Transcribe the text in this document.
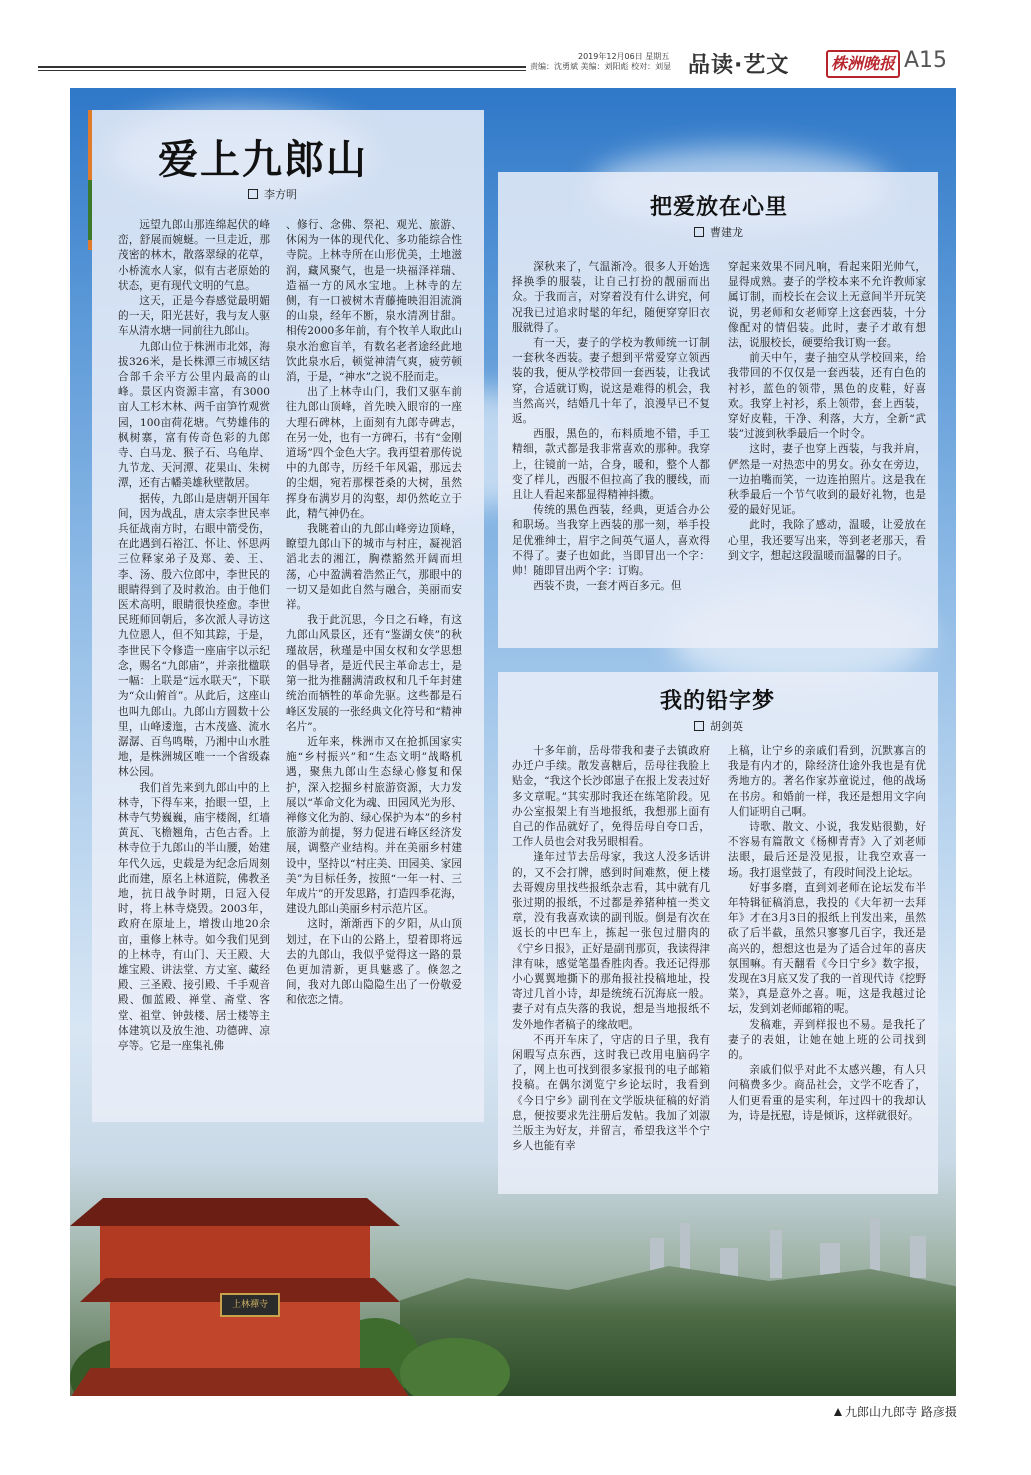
2019年12月06日 星期五
责编：沈勇斌 美编：刘阳彪 校对：刘显 品读·艺文	株洲晚报 A15
上林禪寺
爱上九郎山
李方明

远望九郎山那连绵起伏的峰峦，舒展而婉蜒。一旦走近，那茂密的林木，散落翠绿的花草，小桥流水人家，似有古老原始的状态，更有现代文明的气息。

这天，正是今春感觉最明媚的一天，阳光甚好，我与友人驱车从清水塘一同前往九郎山。

九郎山位于株洲市北郊，海拔326米，是长株潭三市城区结合部千余平方公里内最高的山峰。景区内资源丰富，有3000亩人工杉木林、两千亩笋竹观赏园，100亩荷花塘。气势雄伟的枫树寨，富有传奇色彩的九郎寺、白马龙、猴子石、乌龟岸、九节龙、天河潭、花果山、朱树潭，还有古幡美雄秋壁散居。

据传，九郎山是唐朝开国年间，因为战乱，唐太宗李世民率兵征战南方时，右眼中箭受伤，在此遇到石裕江、怀让、怀思两三位释家弟子及郑、姜、王、李、汤、殷六位郎中，李世民的眼睛得到了及时救治。由于他们医术高明，眼睛很快痊愈。李世民班师回朝后，多次派人寻访这九位恩人，但不知其踪，于是，李世民下令修造一座庙宇以示纪念，赐名“九郎庙”，并亲批楹联一幅：上联是“远水联天”，下联为“众山俯首”。从此后，这座山也叫九郎山。九郎山方圆数十公里，山峰逶迤，古木茂盛、流水潺潺、百鸟鸣啭，乃湘中山水胜地，是株洲城区唯一一个省级森林公园。

我们首先来到九郎山中的上林寺，下得车来，抬眼一望，上林寺气势巍巍，庙宇楼阁，红墙黄瓦、飞檐翘角，古色古香。上林寺位于九郎山的半山腰，始建年代久远，史载是为纪念后周刻此而建，原名上林道院，佛教圣地，抗日战争时期，日冠入侵时，将上林寺烧毁。2003年，政府在原址上，增拨山地20余亩，重修上林寺。如今我们见到的上林寺，有山门、天王殿、大雄宝殿、讲法堂、方丈室、藏经殿、三圣殿、接引殿、千手观音殿、伽蓝殿、禅堂、斋堂、客堂、祖堂、钟鼓楼、居士楼等主体建筑以及放生池、功德碑、凉亭等。它是一座集礼佛

、修行、念佛、祭祀、观光、旅游、休闲为一体的现代化、多功能综合性寺院。上林寺所在山形优美，土地滋润，藏风聚气，也是一块福泽祥瑞、造福一方的风水宝地。上林寺的左侧，有一口被树木青藤掩映泪泪流淌的山泉，经年不断，泉水清冽甘甜。相传2000多年前，有个牧羊人取此山泉水治愈盲羊，有数名老者途经此地饮此泉水后，顿觉神清气爽，疲劳顿消，于是，“神水”之说不胫而走。

出了上林寺山门，我们又驱车前往九郎山顶峰，首先映入眼帘的一座大理石碑林，上面刻有九郎寺碑志，在另一处，也有一方碑石，书有“金刚道场”四个金色大字。我再望着那传说中的九郎寺，历经千年风霜，那远去的尘烟，宛若那棵苍桑的大树，虽然挥身布满岁月的沟壑，却仍然屹立于此，精气神仍在。

我眺着山的九郎山峰旁边顶峰，瞭望九郎山下的城市与村庄，凝视滔滔北去的湘江，胸襟豁然开阔而坦荡，心中盈满着浩然正气，那眼中的一切又是如此自然与融合，美丽而安祥。

我于此沉思，今日之石峰，有这九郎山风景区，还有“鉴湖女侠”的秋瑾故居，秋瑾是中国女权和女学思想的倡导者，是近代民主革命志士，是第一批为推翻满清政权和几千年封建统治而牺牲的革命先驱。这些都是石峰区发展的一张经典文化符号和“精神名片”。

近年来，株洲市又在抢抓国家实施“乡村振兴”和“生态文明”战略机遇，聚焦九郎山生态绿心修复和保护，深入挖掘乡村旅游资源，大力发展以“革命文化为魂、田园风光为形、禅修文化为韵、绿心保护为本”的乡村旅游为前提，努力促进石峰区经济发展，调整产业结构。并在美丽乡村建设中，坚持以“村庄美、田园美、家园美”为目标任务，按照“一年一村、三年成片”的开发思路，打造四季花海，建设九郎山美丽乡村示范片区。

这时，渐渐西下的夕阳，从山顶划过，在下山的公路上，望着即将远去的九郎山，我似乎觉得这一路的景色更加清新，更具魅惑了。倏忽之间，我对九郎山隐隐生出了一份敬爱和依恋之情。

把爱放在心里
曹建龙

深秋来了，气温渐冷。很多人开始选择换季的服装，让自己打扮的靓丽而出众。于我而言，对穿着没有什么讲究，何况我已过追求时髦的年纪，随便穿穿旧衣服就得了。

有一天，妻子的学校为教师统一订制一套秋冬西装。妻子想到平常爱穿立领西装的我，便从学校带回一套西装，让我试穿，合适就订购，说这是难得的机会，我当然高兴，结婚几十年了，浪漫早已不复返。

西服，黑色的，布料质地不错，手工精细，款式都是我非常喜欢的那种。我穿上，往镜前一站，合身，暖和，整个人都变了样儿，西服不但拉高了我的腰线，而且让人看起来都显得精神抖擞。

传统的黑色西装，经典，更适合办公和职场。当我穿上西装的那一刻，举手投足优雅绅士，眉宇之间英气逼人，喜欢得不得了。妻子也如此，当即冒出一个字：帅！随即冒出两个字：订购。

西装不贵，一套才两百多元。但

穿起来效果不同凡响，看起来阳光帅气，显得成熟。妻子的学校本来不允许教师家属订制，而校长在会议上无意间半开玩笑说，男老师和女老师穿上这套西装，十分像配对的情侣装。此时，妻子才敢有想法，说服校长，硬要给我订购一套。

前天中午，妻子抽空从学校回来，给我带回的不仅仅是一套西装，还有白色的衬衫，蓝色的领带，黑色的皮鞋，好喜欢。我穿上衬衫，系上领带，套上西装，穿好皮鞋，干净、利落，大方，全新“武装”过渡到秋季最后一个时令。

这时，妻子也穿上西装，与我并肩，俨然是一对热恋中的男女。孙女在旁边，一边拍嘴而笑，一边连拍照片。这是我在秋季最后一个节气收到的最好礼物，也是爱的最好见证。

此时，我除了感动，温暖，让爱放在心里，我还要写出来，等到老老那天，看到文字，想起这段温暖而温馨的日子。

我的铅字梦
胡剑英

十多年前，岳母带我和妻子去镇政府办迁户手续。散发喜糖后，岳母往我脸上贴金，“我这个长沙郎崽子在报上发表过好多文章呢。”其实那时我还在练笔阶段。见办公室报架上有当地报纸，我想那上面有自己的作品就好了，免得岳母自夸口舌，工作人员也会对我另眼相看。

逢年过节去岳母家，我这人没多话讲的，又不会打牌，感到时间难熬，便上楼去哥嫂房里找些报纸杂志看，其中就有几张过期的报纸，不过都是养猪种植一类文章，没有我喜欢读的副刊版。倒是有次在返长的中巴车上，拣起一张包过腊肉的《宁乡日报》，正好是副刊那页，我读得津津有味，感觉笔墨香胜肉香。我还记得那小心翼翼地撕下的那角报社投稿地址，投寄过几首小诗，却是统统石沉海底一般。妻子对有点失落的我说，想是当地报纸不发外地作者稿子的缘故吧。

不再开车床了，守店的日子里，我有闲暇写点东西，这时我已改用电脑码字了，网上也可找到很多家报刊的电子邮箱投稿。在偶尔浏览宁乡论坛时，我看到《今日宁乡》副刊在文学版块征稿的好消息，便按要求先注册后发帖。我加了刘淑兰版主为好友，并留言，希望我这半个宁乡人也能有幸

上稿，让宁乡的亲戚们看到，沉默寡言的我是有内才的，除经济仕途外我也是有优秀地方的。著名作家苏童说过，他的战场在书房。和婚前一样，我还是想用文字向人们证明自己啊。

诗歌、散文、小说，我发贴很勤，好不容易有篇散文《杨柳青青》入了刘老师法眼，最后还是没见报，让我空欢喜一场。我打退堂鼓了，有段时间没上论坛。

好事多磨，直到刘老师在论坛发布半年特辑征稿消息，我投的《大年初一去拜年》才在3月3日的报纸上刊发出来，虽然砍了后半截，虽然只寥寥几百字，我还是高兴的，想想这也是为了适合过年的喜庆氛围嘛。有天翻看《今日宁乡》数字报，发现在3月底又发了我的一首现代诗《挖野菜》，真是意外之喜。呃，这是我越过论坛，发到刘老师邮箱的呢。

发稿难，弄到样报也不易。是我托了妻子的表姐，让她在她上班的公司找到的。

亲戚们似乎对此不太感兴趣，有人只问稿费多少。商品社会，文学不吃香了，人们更看重的是实利，年过四十的我却认为，诗是抚慰，诗是倾诉，这样就很好。

九郎山九郎寺 路彦摄
